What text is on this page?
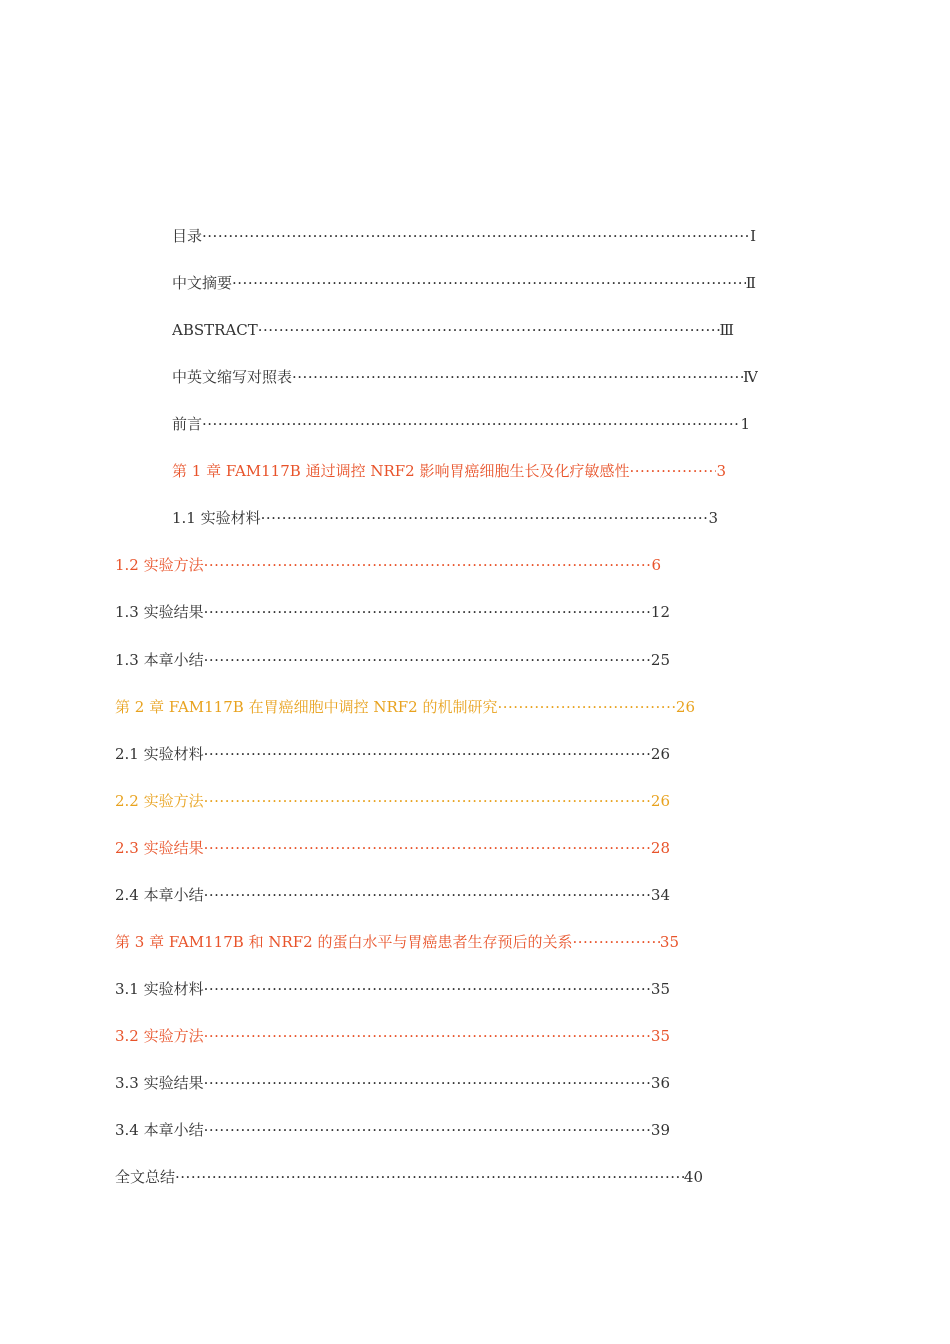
目录 ·····	Ⅰ
中文摘要 ·····	Ⅱ
ABSTRACT ·····	Ⅲ
中英文缩写对照表 ·····	Ⅳ
前言 ·····	1
第 1 章 FAM117B 通过调控 NRF2 影响胃癌细胞生长及化疗敏感性 ·····	3
1.1 实验材料 ·····	3
1.2 实验方法 ·····	6
1.3 实验结果 ·····	12
1.3 本章小结 ·····	25
第 2 章 FAM117B 在胃癌细胞中调控 NRF2 的机制研究 ·····	26
2.1 实验材料 ·····	26
2.2 实验方法 ·····	26
2.3 实验结果 ·····	28
2.4 本章小结 ·····	34
第 3 章 FAM117B 和 NRF2 的蛋白水平与胃癌患者生存预后的关系 ·····	35
3.1 实验材料 ·····	35
3.2 实验方法 ·····	35
3.3 实验结果 ·····	36
3.4 本章小结 ·····	39
全文总结 ·····	40
